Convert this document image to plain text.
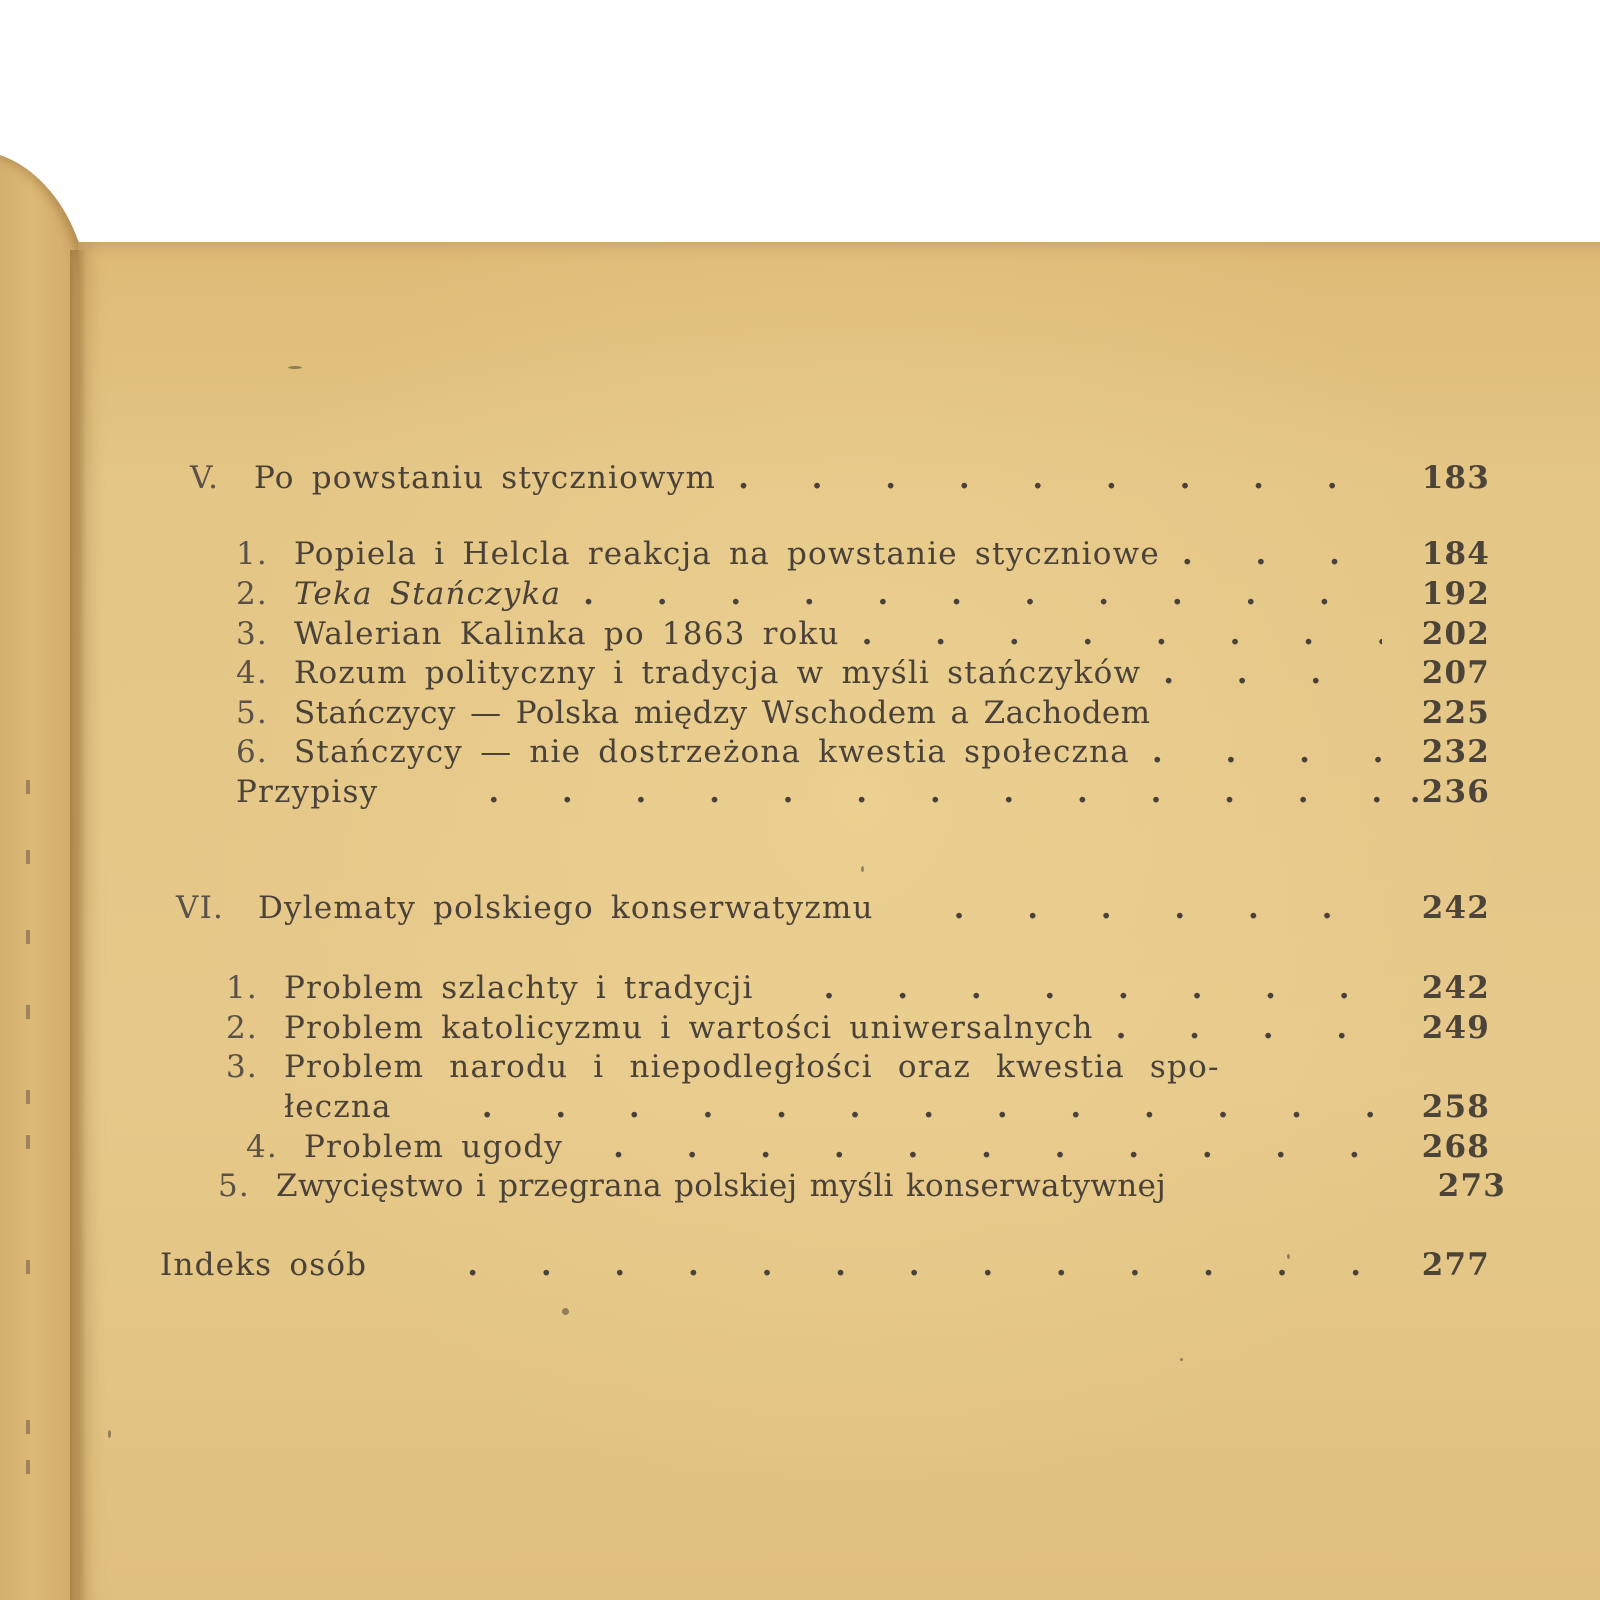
V.	Po powstaniu styczniowym . . .	183
1. Popiela i Helcla reakcja na powstanie styczniowe . . .	184
2. Teka Stańczyka . . .	192
3. Walerian Kalinka po 1863 roku . . .	202
4. Rozum polityczny i tradycja w myśli stańczyków . . .	207
5. Stańczycy — Polska między Wschodem a Zachodem	225
6. Stańczycy — nie dostrzeżona kwestia społeczna . . .	232
Przypisy . . .	.236
VI.	Dylematy polskiego konserwatyzmu . . .	242
1. Problem szlachty i tradycji . . .	242
2. Problem katolicyzmu i wartości uniwersalnych . . .	249
3. Problem narodu i niepodległości oraz kwestia spo-
łeczna . . .	258
4. Problem ugody . . .	268
5. Zwycięstwo i przegrana polskiej myśli konserwatywnej	273
Indeks osób . . .	277
